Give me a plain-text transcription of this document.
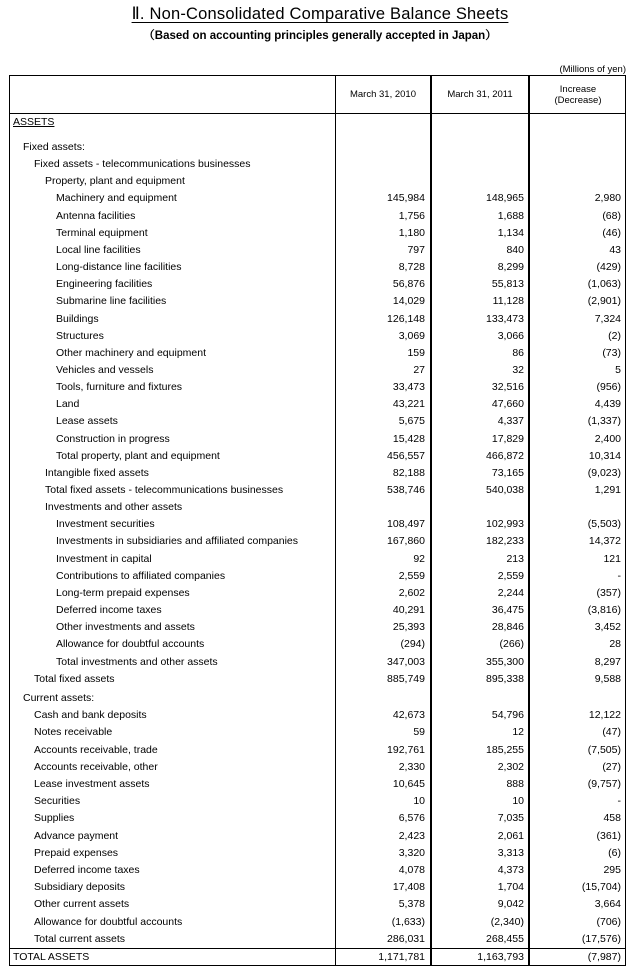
Ⅱ. Non-Consolidated Comparative Balance Sheets
（Based on accounting principles generally accepted in Japan）
(Millions of yen)
March 31, 2010	March 31, 2011	Increase
(Decrease)
ASSETS
Fixed assets:
Fixed assets - telecommunications businesses
Property, plant and equipment
Machinery and equipment	145,984	148,965	2,980
Antenna facilities	1,756	1,688	(68)
Terminal equipment	1,180	1,134	(46)
Local line facilities	797	840	43
Long-distance line facilities	8,728	8,299	(429)
Engineering facilities	56,876	55,813	(1,063)
Submarine line facilities	14,029	11,128	(2,901)
Buildings	126,148	133,473	7,324
Structures	3,069	3,066	(2)
Other machinery and equipment	159	86	(73)
Vehicles and vessels	27	32	5
Tools, furniture and fixtures	33,473	32,516	(956)
Land	43,221	47,660	4,439
Lease assets	5,675	4,337	(1,337)
Construction in progress	15,428	17,829	2,400
Total property, plant and equipment	456,557	466,872	10,314
Intangible fixed assets	82,188	73,165	(9,023)
Total fixed assets - telecommunications businesses	538,746	540,038	1,291
Investments and other assets
Investment securities	108,497	102,993	(5,503)
Investments in subsidiaries and affiliated companies	167,860	182,233	14,372
Investment in capital	92	213	121
Contributions to affiliated companies	2,559	2,559	-
Long-term prepaid expenses	2,602	2,244	(357)
Deferred income taxes	40,291	36,475	(3,816)
Other investments and assets	25,393	28,846	3,452
Allowance for doubtful accounts	(294)	(266)	28
Total investments and other assets	347,003	355,300	8,297
Total fixed assets	885,749	895,338	9,588
Current assets:
Cash and bank deposits	42,673	54,796	12,122
Notes receivable	59	12	(47)
Accounts receivable, trade	192,761	185,255	(7,505)
Accounts receivable, other	2,330	2,302	(27)
Lease investment assets	10,645	888	(9,757)
Securities	10	10	-
Supplies	6,576	7,035	458
Advance payment	2,423	2,061	(361)
Prepaid expenses	3,320	3,313	(6)
Deferred income taxes	4,078	4,373	295
Subsidiary deposits	17,408	1,704	(15,704)
Other current assets	5,378	9,042	3,664
Allowance for doubtful accounts	(1,633)	(2,340)	(706)
Total current assets	286,031	268,455	(17,576)
TOTAL ASSETS	1,171,781	1,163,793	(7,987)
